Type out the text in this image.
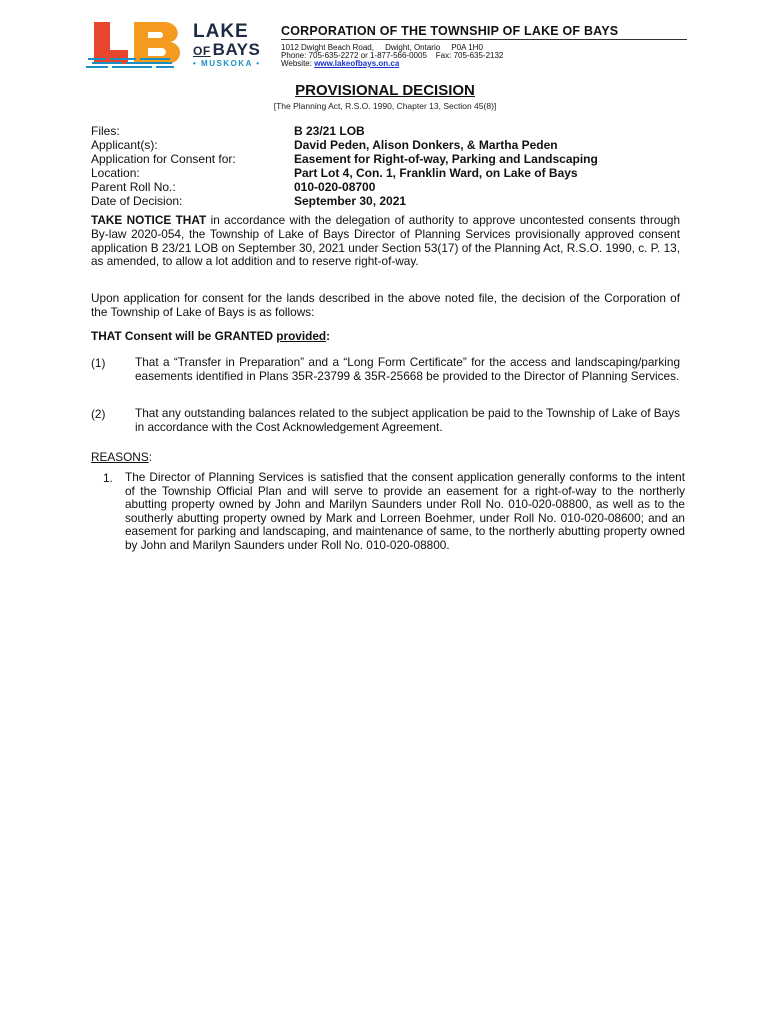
LAKE
OF BAYS
• MUSKOKA •
CORPORATION OF THE TOWNSHIP OF LAKE OF BAYS
1012 Dwight Beach Road,     Dwight, Ontario     P0A 1H0
Phone: 705-635-2272 or 1-877-566-0005    Fax: 705-635-2132
Website: www.lakeofbays.on.ca
PROVISIONAL DECISION
[The Planning Act, R.S.O. 1990, Chapter 13, Section 45(8)]
Files:	B 23/21 LOB
Applicant(s):	David Peden, Alison Donkers, & Martha Peden
Application for Consent for:	Easement for Right-of-way, Parking and Landscaping
Location:	Part Lot 4, Con. 1, Franklin Ward, on Lake of Bays
Parent Roll No.:	010-020-08700
Date of Decision:	September 30, 2021
TAKE NOTICE THAT in accordance with the delegation of authority to approve uncontested consents through By-law 2020-054, the Township of Lake of Bays Director of Planning Services provisionally approved consent application B 23/21 LOB on September 30, 2021 under Section 53(17) of the Planning Act, R.S.O. 1990, c. P. 13, as amended, to allow a lot addition and to reserve right-of-way.
Upon application for consent for the lands described in the above noted file, the decision of the Corporation of the Township of Lake of Bays is as follows:
THAT Consent will be GRANTED provided:
(1)	That a “Transfer in Preparation” and a “Long Form Certificate” for the access and landscaping/parking easements identified in Plans 35R-23799 & 35R-25668 be provided to the Director of Planning Services.
(2)	That any outstanding balances related to the subject application be paid to the Township of Lake of Bays in accordance with the Cost Acknowledgement Agreement.
REASONS:
1. The Director of Planning Services is satisfied that the consent application generally conforms to the intent of the Township Official Plan and will serve to provide an easement for a right-of-way to the northerly abutting property owned by John and Marilyn Saunders under Roll No. 010-020-08800, as well as to the southerly abutting property owned by Mark and Lorreen Boehmer, under Roll No. 010-020-08600; and an easement for parking and landscaping, and maintenance of same, to the northerly abutting property owned by John and Marilyn Saunders under Roll No. 010-020-08800.
